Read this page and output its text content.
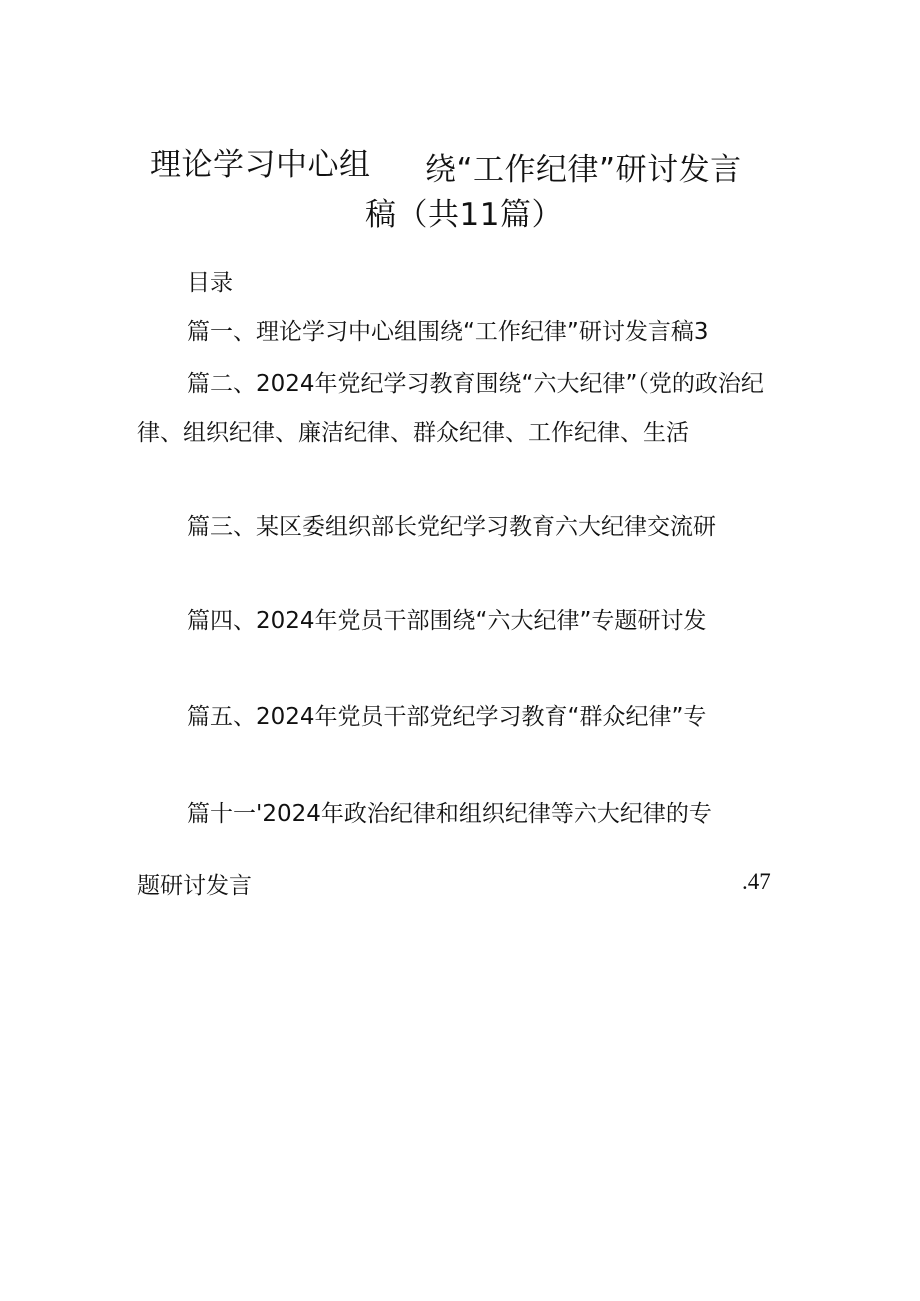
理论学习中心组 绕“工作纪律”研讨发言
稿（共11篇）
目录
篇一、理论学习中心组围绕“工作纪律”研讨发言稿3
篇二、2024年党纪学习教育围绕“六大纪律”（党的政治纪
律、组织纪律、廉洁纪律、群众纪律、工作纪律、生活
篇三、某区委组织部长党纪学习教育六大纪律交流研
篇四、2024年党员干部围绕“六大纪律”专题研讨发
篇五、2024年党员干部党纪学习教育“群众纪律”专
篇十一'2024年政治纪律和组织纪律等六大纪律的专
题研讨发言	.47
